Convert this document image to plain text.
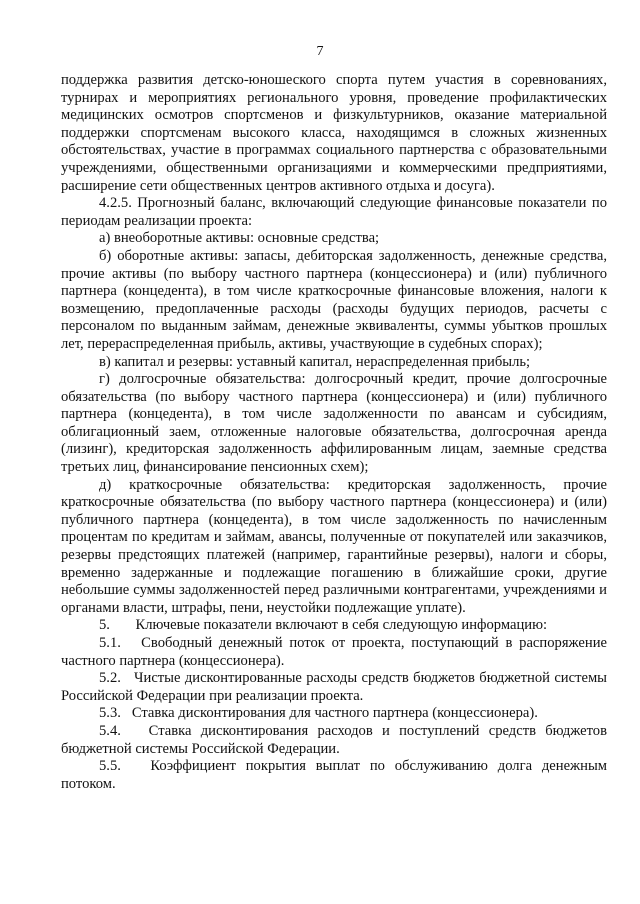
7

поддержка развития детско-юношеского спорта путем участия в соревнованиях, турнирах и мероприятиях регионального уровня, проведение профилактических медицинских осмотров спортсменов и физкультурников, оказание материальной поддержки спортсменам высокого класса, находящимся в сложных жизненных обстоятельствах, участие в программах социального партнерства с образовательными учреждениями, общественными организациями и коммерческими предприятиями, расширение сети общественных центров активного отдыха и досуга).

4.2.5. Прогнозный баланс, включающий следующие финансовые показатели по периодам реализации проекта:

а) внеоборотные активы: основные средства;

б) оборотные активы: запасы, дебиторская задолженность, денежные средства, прочие активы (по выбору частного партнера (концессионера) и (или) публичного партнера (концедента), в том числе краткосрочные финансовые вложения, налоги к возмещению, предоплаченные расходы (расходы будущих периодов, расчеты с персоналом по выданным займам, денежные эквиваленты, суммы убытков прошлых лет, перераспределенная прибыль, активы, участвующие в судебных спорах);

в) капитал и резервы: уставный капитал, нераспределенная прибыль;

г) долгосрочные обязательства: долгосрочный кредит, прочие долгосрочные обязательства (по выбору частного партнера (концессионера) и (или) публичного партнера (концедента), в том числе задолженности по авансам и субсидиям, облигационный заем, отложенные налоговые обязательства, долгосрочная аренда (лизинг), кредиторская задолженность аффилированным лицам, заемные средства третьих лиц, финансирование пенсионных схем);

д) краткосрочные обязательства: кредиторская задолженность, прочие краткосрочные обязательства (по выбору частного партнера (концессионера) и (или) публичного партнера (концедента), в том числе задолженность по начисленным процентам по кредитам и займам, авансы, полученные от покупателей или заказчиков, резервы предстоящих платежей (например, гарантийные резервы), налоги и сборы, временно задержанные и подлежащие погашению в ближайшие сроки, другие небольшие суммы задолженностей перед различными контрагентами, учреждениями и органами власти, штрафы, пени, неустойки подлежащие уплате).

5.       Ключевые показатели включают в себя следующую информацию:

5.1.   Свободный денежный поток от проекта, поступающий в распоряжение частного партнера (концессионера).

5.2.   Чистые дисконтированные расходы средств бюджетов бюджетной системы Российской Федерации при реализации проекта.

5.3.   Ставка дисконтирования для частного партнера (концессионера).

5.4.   Ставка дисконтирования расходов и поступлений средств бюджетов бюджетной системы Российской Федерации.

5.5.   Коэффициент покрытия выплат по обслуживанию долга денежным потоком.
